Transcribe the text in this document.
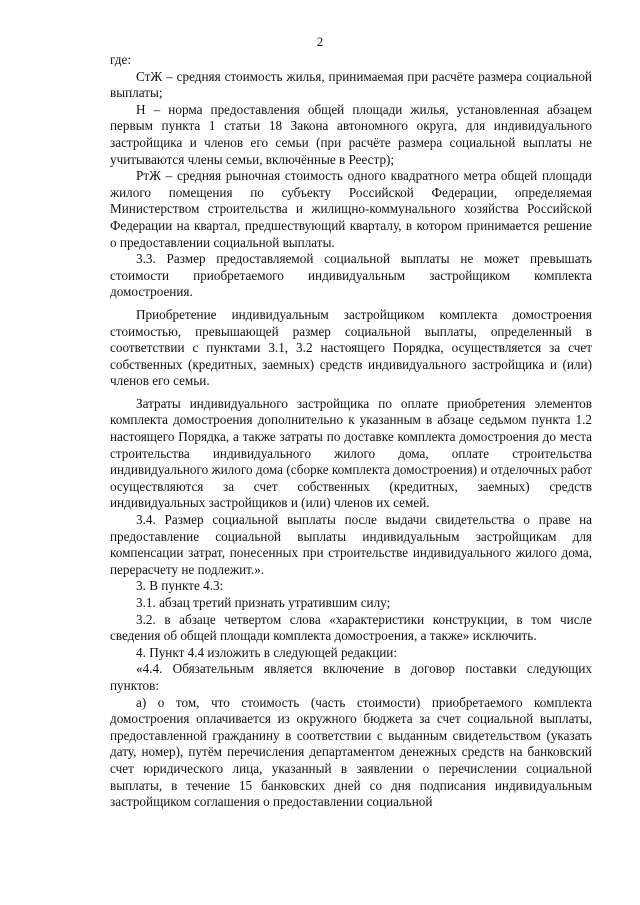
2

где:

СтЖ – средняя стоимость жилья, принимаемая при расчёте размера социальной выплаты;

Н – норма предоставления общей площади жилья, установленная абзацем первым пункта 1 статьи 18 Закона автономного округа, для индивидуального застройщика и членов его семьи (при расчёте размера социальной выплаты не учитываются члены семьи, включённые в Реестр);

РтЖ – средняя рыночная стоимость одного квадратного метра общей площади жилого помещения по субъекту Российской Федерации, определяемая Министерством строительства и жилищно-коммунального хозяйства Российской Федерации на квартал, предшествующий кварталу, в котором принимается решение о предоставлении социальной выплаты.

3.3. Размер предоставляемой социальной выплаты не может превышать стоимости приобретаемого индивидуальным застройщиком комплекта домостроения.

Приобретение индивидуальным застройщиком комплекта домостроения стоимостью, превышающей размер социальной выплаты, определенный в соответствии с пунктами 3.1, 3.2 настоящего Порядка, осуществляется за счет собственных (кредитных, заемных) средств индивидуального застройщика и (или) членов его семьи.

Затраты индивидуального застройщика по оплате приобретения элементов комплекта домостроения дополнительно к указанным в абзаце седьмом пункта 1.2 настоящего Порядка, а также затраты по доставке комплекта домостроения до места строительства индивидуального жилого дома, оплате строительства индивидуального жилого дома (сборке комплекта домостроения) и отделочных работ осуществляются за счет собственных (кредитных, заемных) средств индивидуальных застройщиков и (или) членов их семей.

3.4. Размер социальной выплаты после выдачи свидетельства о праве на предоставление социальной выплаты индивидуальным застройщикам для компенсации затрат, понесенных при строительстве индивидуального жилого дома, перерасчету не подлежит.».

3. В пункте 4.3:

3.1. абзац третий признать утратившим силу;

3.2. в абзаце четвертом слова «характеристики конструкции, в том числе сведения об общей площади комплекта домостроения, а также» исключить.

4. Пункт 4.4 изложить в следующей редакции:

«4.4. Обязательным является включение в договор поставки следующих пунктов:

а) о том, что стоимость (часть стоимости) приобретаемого комплекта домостроения оплачивается из окружного бюджета за счет социальной выплаты, предоставленной гражданину в соответствии с выданным свидетельством (указать дату, номер), путём перечисления департаментом денежных средств на банковский счет юридического лица, указанный в заявлении о перечислении социальной выплаты, в течение 15 банковских дней со дня подписания индивидуальным застройщиком соглашения о предоставлении социальной
